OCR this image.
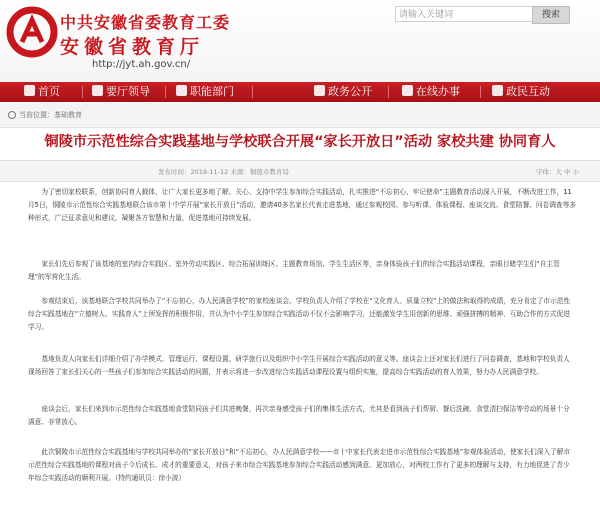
中共安徽省委教育工委
安徽省教育厅
http://jyt.ah.gov.cn/
请输入关键词	搜索
首页	要厅领导	职能部门	政务公开	在线办事	政民互动
当前位置：基础教育
铜陵市示范性综合实践基地与学校联合开展“家长开放日”活动 家校共建 协同育人
发布时间：2019-11-12 来源：铜陵市教育局	字体：大 中 小

为了密切家校联系，创新协同育人载体，让广大家长更多地了解、关心、支持中学生参加综合实践活动，扎实推进“不忘初心、牢记使命”主题教育活动深入开展，不断改进工作，11月5日，铜陵市示范性综合实践基地联合该市第十中学开展“家长开放日”活动，邀请40多名家长代表走进基地，通过参观校园、参与听课、体验课程、座谈交流、食堂陪餐、问卷调查等多种形式，广泛征求意见和建议，凝聚各方智慧和力量，促进基地可持续发展。

家长们先后参观了该基地的室内综合实践区、室外劳动实践区、综合拓展训练区、主题教育场馆、学生生活区等，亲身体验孩子们的综合实践活动课程，亲眼目睹学生们“自主管理”的军营化生活。

参观结束后，该基地联合学校共同举办了“不忘初心，办人民满意学校”的家校座谈会。学校负责人介绍了学校在“文化育人、质量立校”上的做法和取得的成绩，充分肯定了市示范性综合实践基地在“立德树人、实践育人”上所发挥的积极作用，并认为中小学生参加综合实践活动不仅不会影响学习，还能激发学生用创新的思维、顽强拼搏的精神、互助合作的方式促进学习。

基地负责人向家长们详细介绍了办学模式、管理运行、课程设置、研学旅行以及组织中小学生开展综合实践活动的意义等。座谈会上还对家长们进行了问卷调查，基地和学校负责人现场回答了家长们关心的一些孩子们参加综合实践活动的问题，并表示将进一步改进综合实践活动课程设置与组织实施，提高综合实践活动的育人效果，努力办人民满意学校。

座谈会后，家长们来到市示范性综合实践基地食堂陪同孩子们共进晚餐，再次亲身感受孩子们的集体生活方式，尤其是看到孩子们帮厨、餐后洗碗、食堂清扫保洁等劳动的场景十分满意、非常放心。

此次铜陵市示范性综合实践基地与学校共同举办的“家长开放日”和“不忘初心，办人民满意学校——市十中家长代表走进市示范性综合实践基地”参观体验活动，使家长们深入了解市示范性综合实践基地的课程对孩子今后成长、成才的重要意义，对孩子来市综合实践基地参加综合实践活动感到满意、更加放心，对两校工作有了更多的理解与支持，有力地促进了青少年综合实践活动的顺利开展。（特约通讯员：徐小波）
